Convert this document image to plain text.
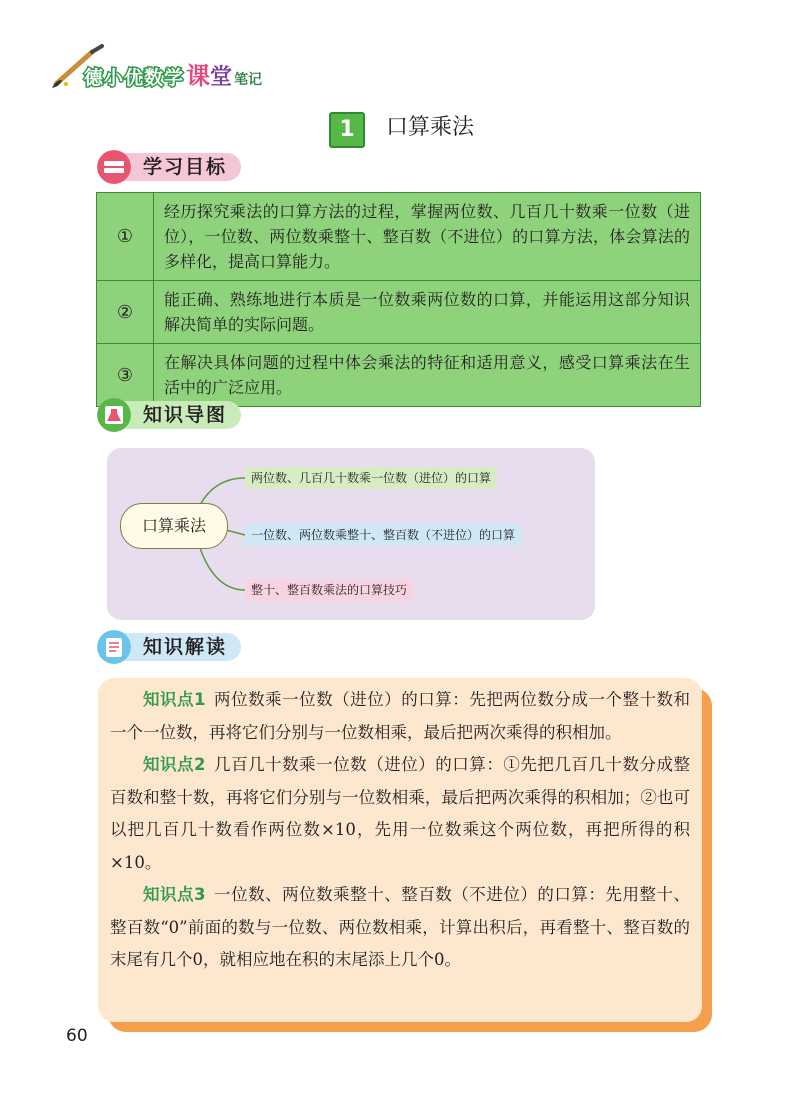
德小优数学课堂 笔记
1	口算乘法
学习目标
①	经历探究乘法的口算方法的过程，掌握两位数、几百几十数乘一位数（进位），一位数、两位数乘整十、整百数（不进位）的口算方法，体会算法的多样化，提高口算能力。
②	能正确、熟练地进行本质是一位数乘两位数的口算，并能运用这部分知识解决简单的实际问题。
③	在解决具体问题的过程中体会乘法的特征和适用意义，感受口算乘法在生活中的广泛应用。
知识导图
口算乘法
两位数、几百几十数乘一位数（进位）的口算
一位数、两位数乘整十、整百数（不进位）的口算
整十、整百数乘法的口算技巧
知识解读

知识点1 两位数乘一位数（进位）的口算：先把两位数分成一个整十数和一个一位数，再将它们分别与一位数相乘，最后把两次乘得的积相加。

知识点2 几百几十数乘一位数（进位）的口算：①先把几百几十数分成整百数和整十数，再将它们分别与一位数相乘，最后把两次乘得的积相加；②也可以把几百几十数看作两位数×10，先用一位数乘这个两位数，再把所得的积×10。

知识点3 一位数、两位数乘整十、整百数（不进位）的口算：先用整十、整百数“0”前面的数与一位数、两位数相乘，计算出积后，再看整十、整百数的末尾有几个0，就相应地在积的末尾添上几个0。

60
